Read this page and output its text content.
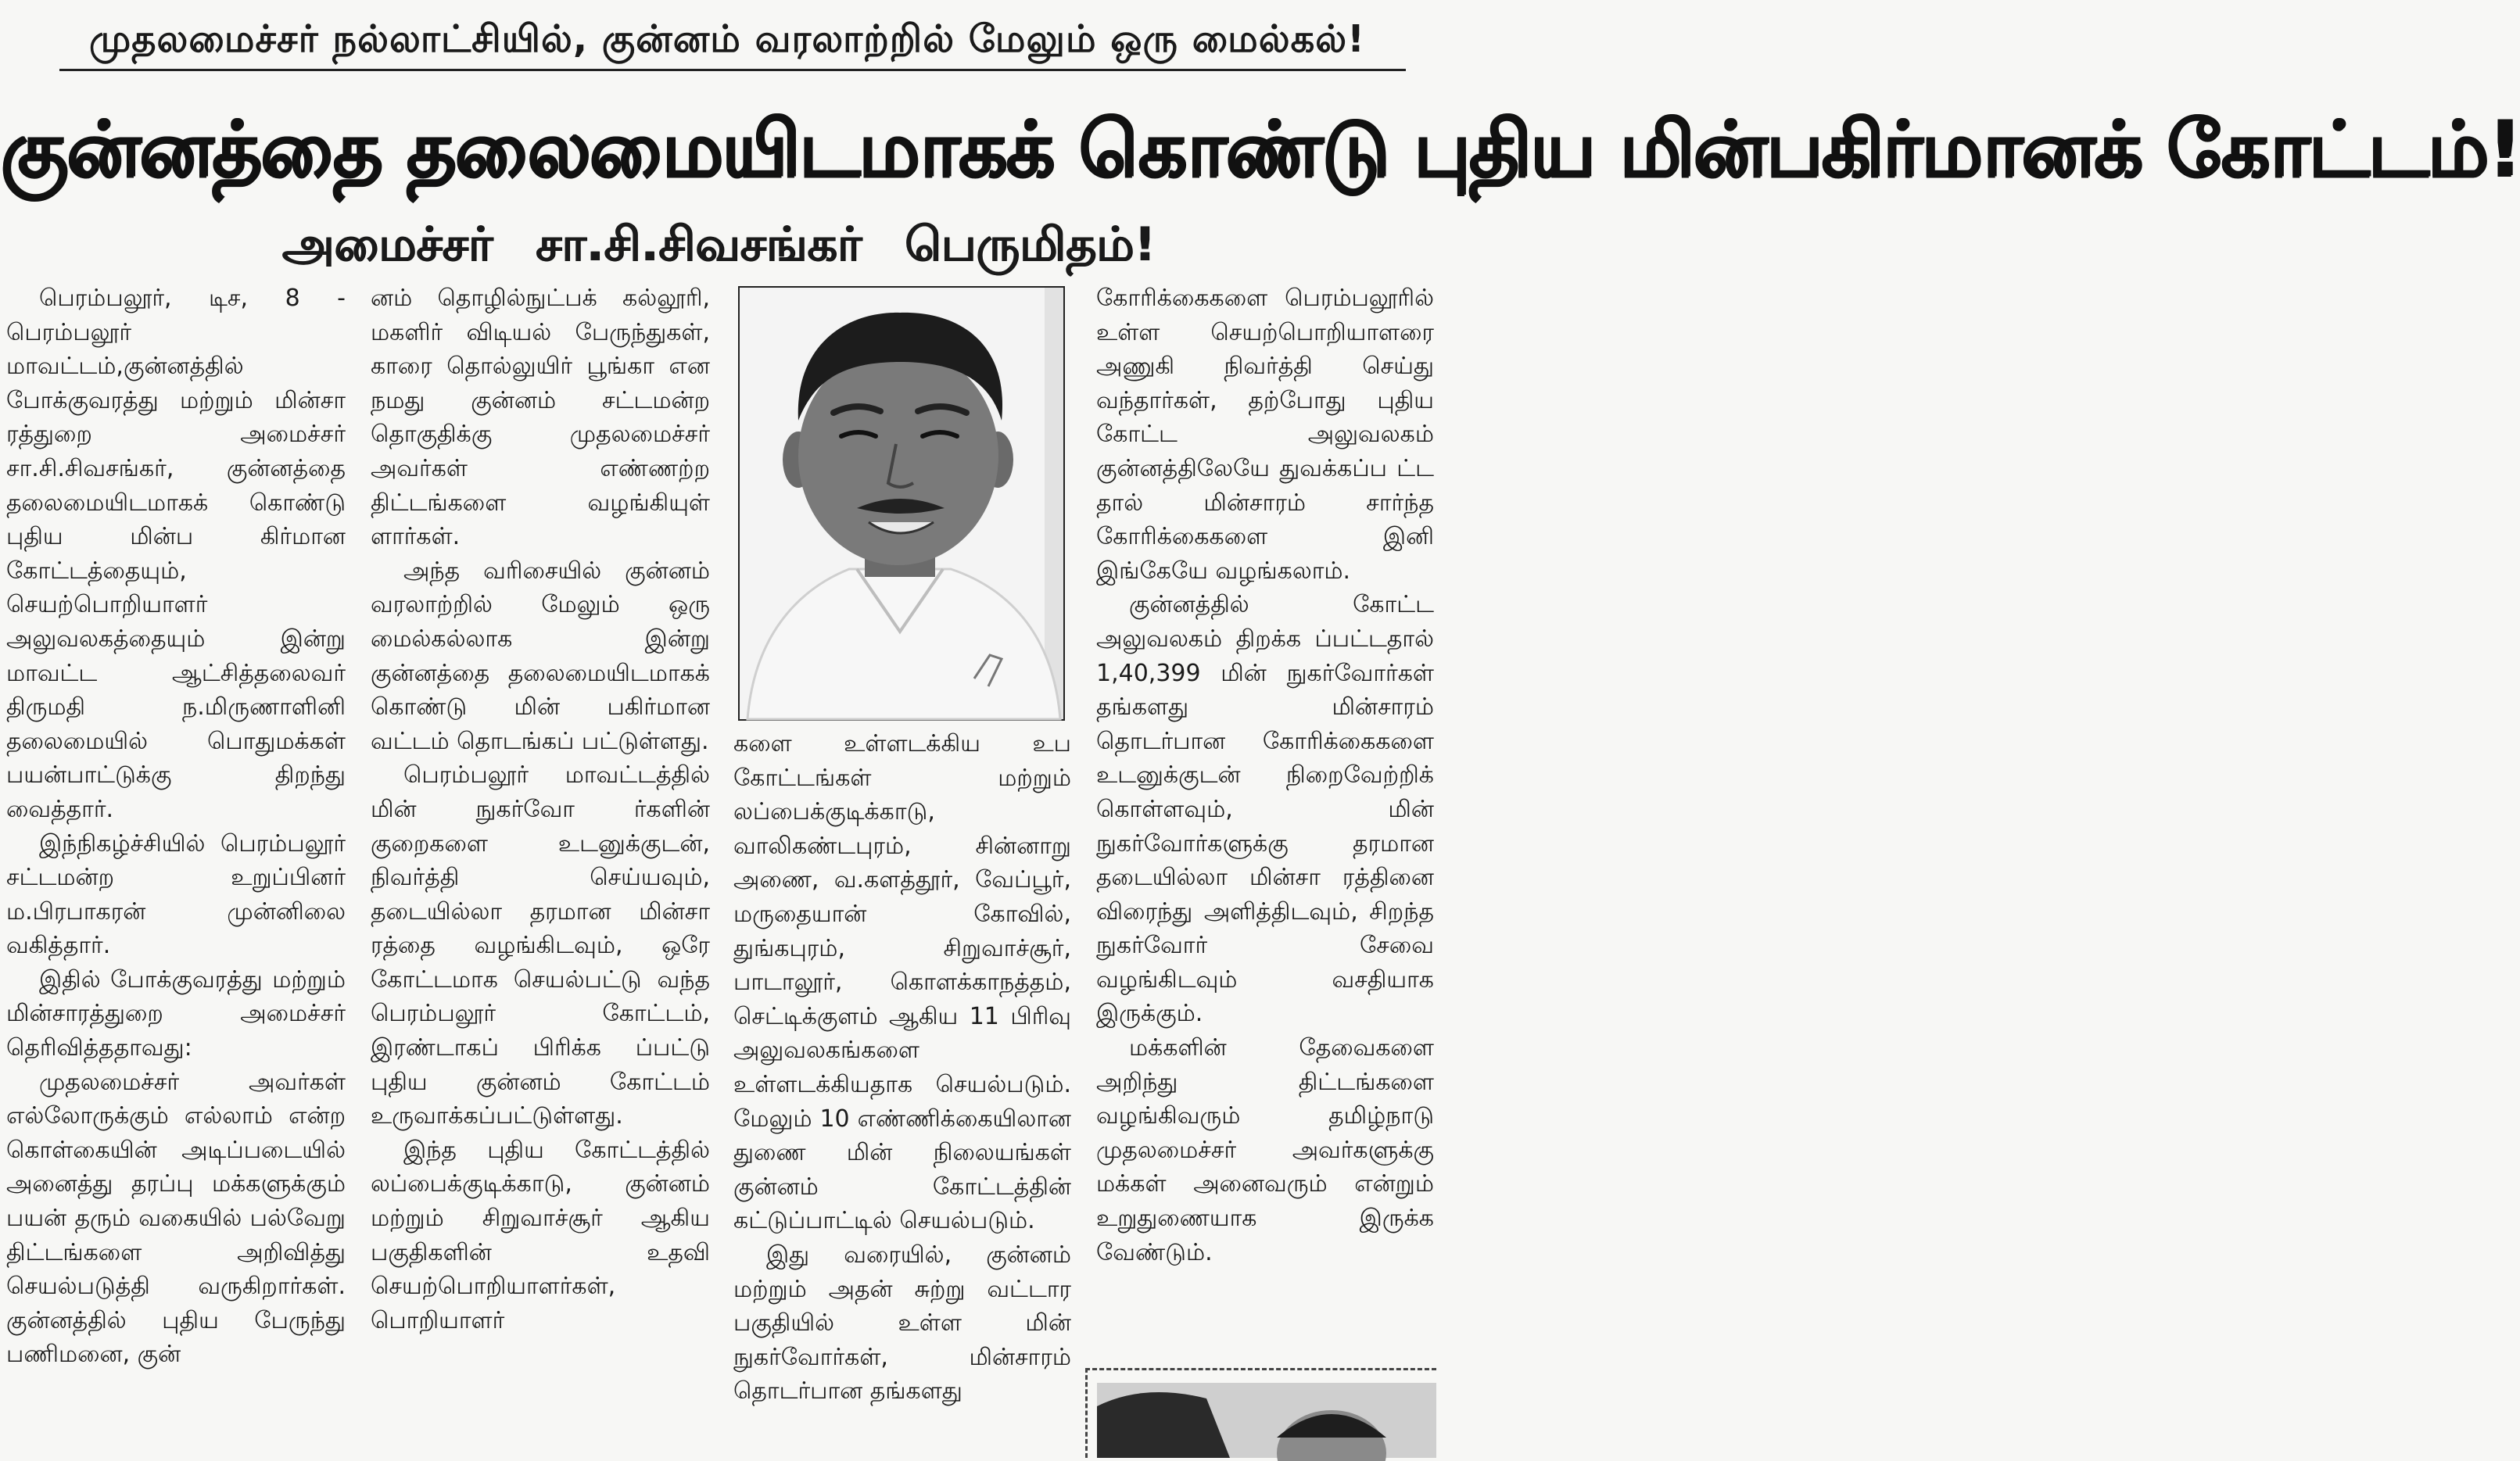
முதலமைச்சர் நல்லாட்சியில், குன்னம் வரலாற்றில் மேலும் ஒரு மைல்கல்!
குன்னத்தை தலைமையிடமாகக் கொண்டு புதிய மின்பகிர்மானக் கோட்டம்!
அமைச்சர் சா.சி.சிவசங்கர் பெருமிதம்!

பெரம்பலூர், டிச, 8 - பெரம்பலூர் மாவட்டம்,குன்னத்தில் போக்குவரத்து மற்றும் மின்சா ரத்துறை அமைச்சர் சா.சி.சிவசங்கர், குன்னத்தை தலைமையிடமாகக் கொண்டு புதிய மின்ப கிர்மான கோட்டத்தையும், செயற்பொறியாளர் அலுவலகத்தையும் இன்று மாவட்ட ஆட்சித்தலைவர் திருமதி ந.மிருணாளினி தலைமையில் பொதுமக்கள் பயன்பாட்டுக்கு திறந்து வைத்தார்.

இந்நிகழ்ச்சியில் பெரம்பலூர் சட்டமன்ற உறுப்பினர் ம.பிரபாகரன் முன்னிலை வகித்தார்.

இதில் போக்குவரத்து மற்றும் மின்சாரத்துறை அமைச்சர் தெரிவித்ததாவது:

முதலமைச்சர் அவர்கள் எல்லோருக்கும் எல்லாம் என்ற கொள்கையின் அடிப்படையில் அனைத்து தரப்பு மக்களுக்கும் பயன் தரும் வகையில் பல்வேறு திட்டங்களை அறிவித்து செயல்படுத்தி வருகிறார்கள். குன்னத்தில் புதிய பேருந்து பணிமனை, குன்

னம் தொழில்நுட்பக் கல்லூரி, மகளிர் விடியல் பேருந்துகள், காரை தொல்லுயிர் பூங்கா என நமது குன்னம் சட்டமன்ற தொகுதிக்கு முதலமைச்சர் அவர்கள் எண்ணற்ற திட்டங்களை வழங்கியுள் ளார்கள்.

அந்த வரிசையில் குன்னம் வரலாற்றில் மேலும் ஒரு மைல்கல்லாக இன்று குன்னத்தை தலைமையிடமாகக் கொண்டு மின் பகிர்மான வட்டம் தொடங்கப் பட்டுள்ளது.

பெரம்பலூர் மாவட்டத்தில் மின் நுகர்வோ ர்களின் குறைகளை உடனுக்குடன், நிவர்த்தி செய்யவும், தடையில்லா தரமான மின்சா ரத்தை வழங்கிடவும், ஒரே கோட்டமாக செயல்பட்டு வந்த பெரம்பலூர் கோட்டம், இரண்டாகப் பிரிக்க ப்பட்டு புதிய குன்னம் கோட்டம் உருவாக்கப்பட்டுள்ளது.

இந்த புதிய கோட்டத்தில் லப்பைக்குடிக்காடு, குன்னம் மற்றும் சிறுவாச்சூர் ஆகிய பகுதிகளின் உதவி செயற்பொறியாளர்கள், பொறியாளர்

களை உள்ளடக்கிய உப கோட்டங்கள் மற்றும் லப்பைக்குடிக்காடு, வாலிகண்டபுரம், சின்னாறு அணை, வ.களத்தூர், வேப்பூர், மருதையான் கோவில், துங்கபுரம், சிறுவாச்சூர், பாடாலூர், கொளக்காநத்தம், செட்டிக்குளம் ஆகிய 11 பிரிவு அலுவலகங்களை உள்ளடக்கியதாக செயல்படும். மேலும் 10 எண்ணிக்கையிலான துணை மின் நிலையங்கள் குன்னம் கோட்டத்தின் கட்டுப்பாட்டில் செயல்படும்.

இது வரையில், குன்னம் மற்றும் அதன் சுற்று வட்டார பகுதியில் உள்ள மின் நுகர்வோர்கள், மின்சாரம் தொடர்பான தங்களது

கோரிக்கைகளை பெரம்பலூரில் உள்ள செயற்பொறியாளரை அணுகி நிவர்த்தி செய்து வந்தார்கள், தற்போது புதிய கோட்ட அலுவலகம் குன்னத்திலேயே துவக்கப்ப ட்ட தால் மின்சாரம் சார்ந்த கோரிக்கைகளை இனி இங்கேயே வழங்கலாம்.

குன்னத்தில் கோட்ட அலுவலகம் திறக்க ப்பட்டதால் 1,40,399 மின் நுகர்வோர்கள் தங்களது மின்சாரம் தொடர்பான கோரிக்கைகளை உடனுக்குடன் நிறைவேற்றிக் கொள்ளவும், மின் நுகர்வோர்களுக்கு தரமான தடையில்லா மின்சா ரத்தினை விரைந்து அளித்திடவும், சிறந்த நுகர்வோர் சேவை வழங்கிடவும் வசதியாக இருக்கும்.

மக்களின் தேவைகளை அறிந்து திட்டங்களை வழங்கிவரும் தமிழ்நாடு முதலமைச்சர் அவர்களுக்கு மக்கள் அனைவரும் என்றும் உறுதுணையாக இருக்க வேண்டும்.
